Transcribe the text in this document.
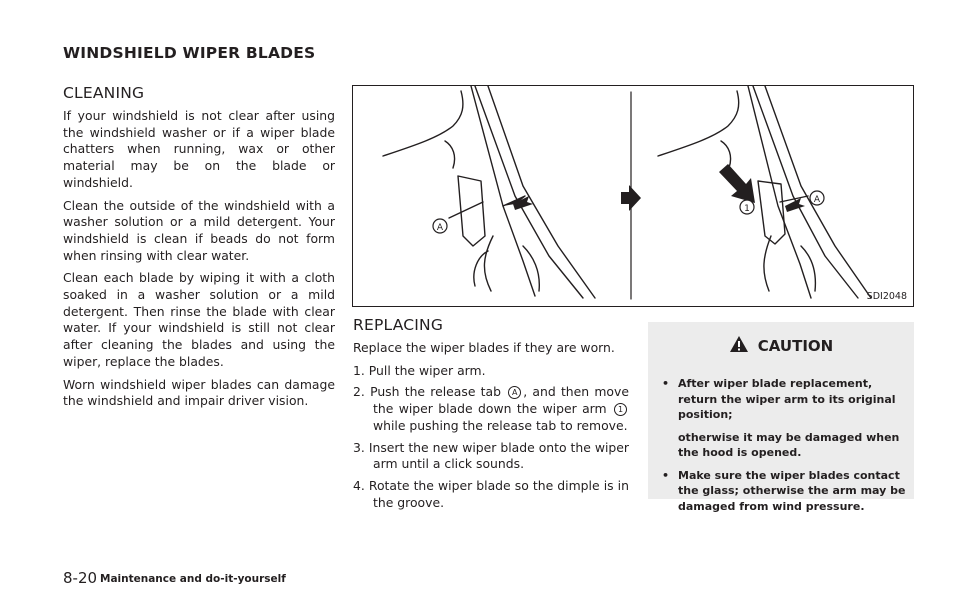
WINDSHIELD WIPER BLADES
CLEANING

If your windshield is not clear after using the windshield washer or if a wiper blade chatters when running, wax or other material may be on the blade or windshield.

Clean the outside of the windshield with a washer solution or a mild detergent. Your windshield is clean if beads do not form when rinsing with clear water.

Clean each blade by wiping it with a cloth soaked in a washer solution or a mild detergent. Then rinse the blade with clear water. If your windshield is still not clear after cleaning the blades and using the wiper, replace the blades.

Worn windshield wiper blades can damage the windshield and impair driver vision.

A
1
A
SDI2048
REPLACING

Replace the wiper blades if they are worn.

1. Pull the wiper arm.
2. Push the release tab A , and then move the wiper blade down the wiper arm 1 while pushing the release tab to remove.
3. Insert the new wiper blade onto the wiper arm until a click sounds.
4. Rotate the wiper blade so the dimple is in the groove.
CAUTION
• After wiper blade replacement, return the wiper arm to its original position;

otherwise it may be damaged when the hood is opened.

• Make sure the wiper blades contact the glass; otherwise the arm may be damaged from wind pressure.

8-20 Maintenance and do-it-yourself
